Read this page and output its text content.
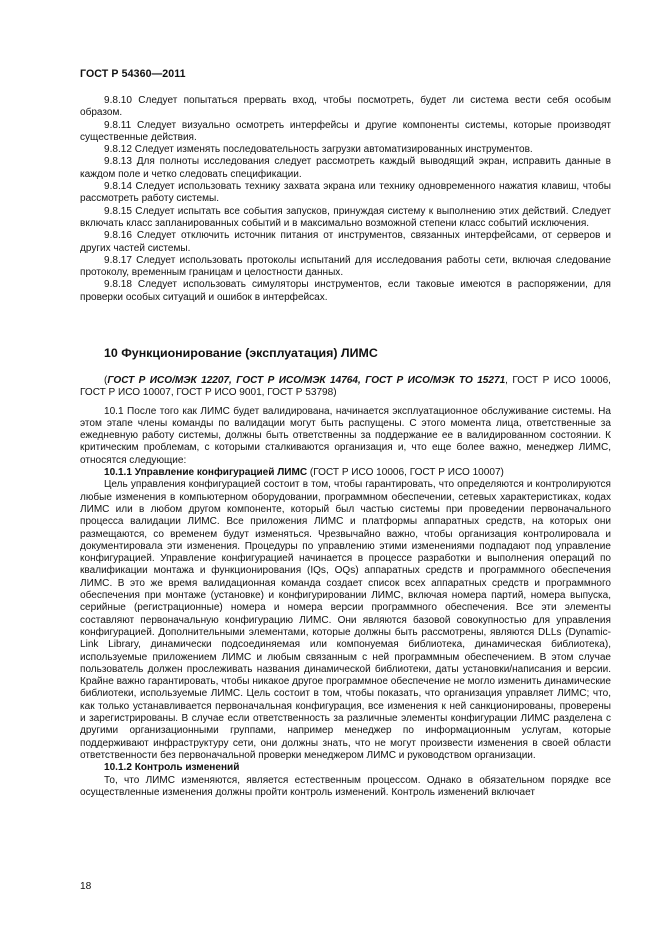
ГОСТ Р 54360—2011

9.8.10 Следует попытаться прервать вход, чтобы посмотреть, будет ли система вести себя особым образом.

9.8.11 Следует визуально осмотреть интерфейсы и другие компоненты системы, которые производят существенные действия.

9.8.12 Следует изменять последовательность загрузки автоматизированных инструментов.

9.8.13 Для полноты исследования следует рассмотреть каждый выводящий экран, исправить данные в каждом поле и четко следовать спецификации.

9.8.14 Следует использовать технику захвата экрана или технику одновременного нажатия клавиш, чтобы рассмотреть работу системы.

9.8.15 Следует испытать все события запусков, принуждая систему к выполнению этих действий. Следует включать класс запланированных событий и в максимально возможной степени класс событий исключения.

9.8.16 Следует отключить источник питания от инструментов, связанных интерфейсами, от серверов и других частей системы.

9.8.17 Следует использовать протоколы испытаний для исследования работы сети, включая следование протоколу, временным границам и целостности данных.

9.8.18 Следует использовать симуляторы инструментов, если таковые имеются в распоряжении, для проверки особых ситуаций и ошибок в интерфейсах.

10 Функционирование (эксплуатация) ЛИМС

(ГОСТ Р ИСО/МЭК 12207, ГОСТ Р ИСО/МЭК 14764, ГОСТ Р ИСО/МЭК ТО 15271, ГОСТ Р ИСО 10006, ГОСТ Р ИСО 10007, ГОСТ Р ИСО 9001, ГОСТ Р 53798)

10.1 После того как ЛИМС будет валидирована, начинается эксплуатационное обслуживание системы. На этом этапе члены команды по валидации могут быть распущены. С этого момента лица, ответственные за ежедневную работу системы, должны быть ответственны за поддержание ее в валидированном состоянии. К критическим проблемам, с которыми сталкиваются организация и, что еще более важно, менеджер ЛИМС, относятся следующие:

10.1.1 Управление конфигурацией ЛИМС (ГОСТ Р ИСО 10006, ГОСТ Р ИСО 10007)

Цель управления конфигурацией состоит в том, чтобы гарантировать, что определяются и контролируются любые изменения в компьютерном оборудовании, программном обеспечении, сетевых характеристиках, кодах ЛИМС или в любом другом компоненте, который был частью системы при проведении первоначального процесса валидации ЛИМС. Все приложения ЛИМС и платформы аппаратных средств, на которых они размещаются, со временем будут изменяться. Чрезвычайно важно, чтобы организация контролировала и документировала эти изменения. Процедуры по управлению этими изменениями подпадают под управление конфигурацией. Управление конфигурацией начинается в процессе разработки и выполнения операций по квалификации монтажа и функционирования (IQs, OQs) аппаратных средств и программного обеспечения ЛИМС. В это же время валидационная команда создает список всех аппаратных средств и программного обеспечения при монтаже (установке) и конфигурировании ЛИМС, включая номера партий, номера выпуска, серийные (регистрационные) номера и номера версии программного обеспечения. Все эти элементы составляют первоначальную конфигурацию ЛИМС. Они являются базовой совокупностью для управления конфигурацией. Дополнительными элементами, которые должны быть рассмотрены, являются DLLs (Dynamic-Link Library, динамически подсоединяемая или компонуемая библиотека, динамическая библиотека), используемые приложением ЛИМС и любым связанным с ней программным обеспечением. В этом случае пользователь должен прослеживать названия динамической библиотеки, даты установки/написания и версии. Крайне важно гарантировать, чтобы никакое другое программное обеспечение не могло изменить динамические библиотеки, используемые ЛИМС. Цель состоит в том, чтобы показать, что организация управляет ЛИМС; что, как только устанавливается первоначальная конфигурация, все изменения к ней санкционированы, проверены и зарегистрированы. В случае если ответственность за различные элементы конфигурации ЛИМС разделена с другими организационными группами, например менеджер по информационным услугам, которые поддерживают инфраструктуру сети, они должны знать, что не могут произвести изменения в своей области ответственности без первоначальной проверки менеджером ЛИМС и руководством организации.

10.1.2 Контроль изменений

То, что ЛИМС изменяются, является естественным процессом. Однако в обязательном порядке все осуществленные изменения должны пройти контроль изменений. Контроль изменений включает

18
